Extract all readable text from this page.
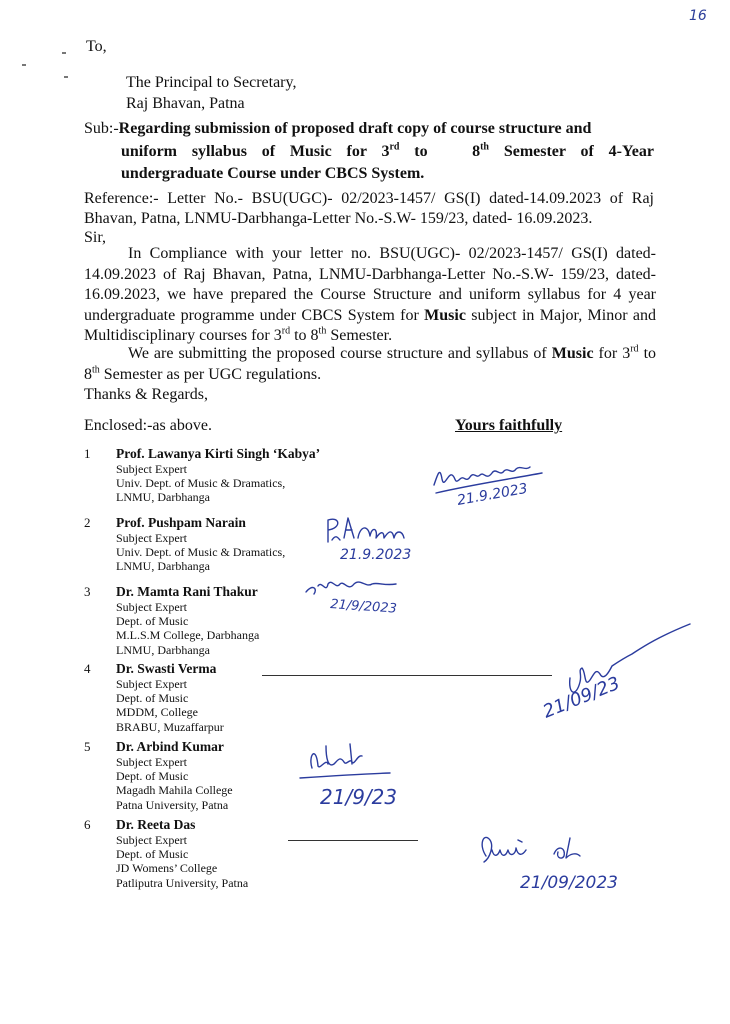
16
To,
The Principal to Secretary,
Raj Bhavan, Patna
Sub:-Regarding submission of proposed draft copy of course structure and
uniform syllabus of Music for 3rd to   8th Semester of 4-Year
undergraduate Course under CBCS System.
Reference:- Letter No.- BSU(UGC)- 02/2023-1457/ GS(I) dated-14.09.2023 of Raj Bhavan, Patna, LNMU-Darbhanga-Letter No.-S.W- 159/23, dated- 16.09.2023.
Sir,
In Compliance with your letter no. BSU(UGC)- 02/2023-1457/ GS(I) dated-14.09.2023 of Raj Bhavan, Patna, LNMU-Darbhanga-Letter No.-S.W- 159/23, dated- 16.09.2023, we have prepared the Course Structure and uniform syllabus for 4 year undergraduate programme under CBCS System for Music subject in Major, Minor and Multidisciplinary courses for 3rd to 8th Semester.
We are submitting the proposed course structure and syllabus of Music for 3rd to 8th Semester as per UGC regulations.
Thanks & Regards,
Enclosed:-as above.	Yours faithfully
1 Prof. Lawanya Kirti Singh ‘Kabya’
Subject Expert
Univ. Dept. of Music & Dramatics,
LNMU, Darbhanga
2 Prof. Pushpam Narain
Subject Expert
Univ. Dept. of Music & Dramatics,
LNMU, Darbhanga
3 Dr. Mamta Rani Thakur
Subject Expert
Dept. of Music
M.L.S.M College, Darbhanga
LNMU, Darbhanga
4 Dr. Swasti Verma
Subject Expert
Dept. of Music
MDDM, College
BRABU, Muzaffarpur
5 Dr. Arbind Kumar
Subject Expert
Dept. of Music
Magadh Mahila College
Patna University, Patna
6 Dr. Reeta Das
Subject Expert
Dept. of Music
JD Womens’ College
Patliputra University, Patna
21.9.2023
21.9.2023
21/9/2023
21/09/23
21/9/23
21/09/2023
